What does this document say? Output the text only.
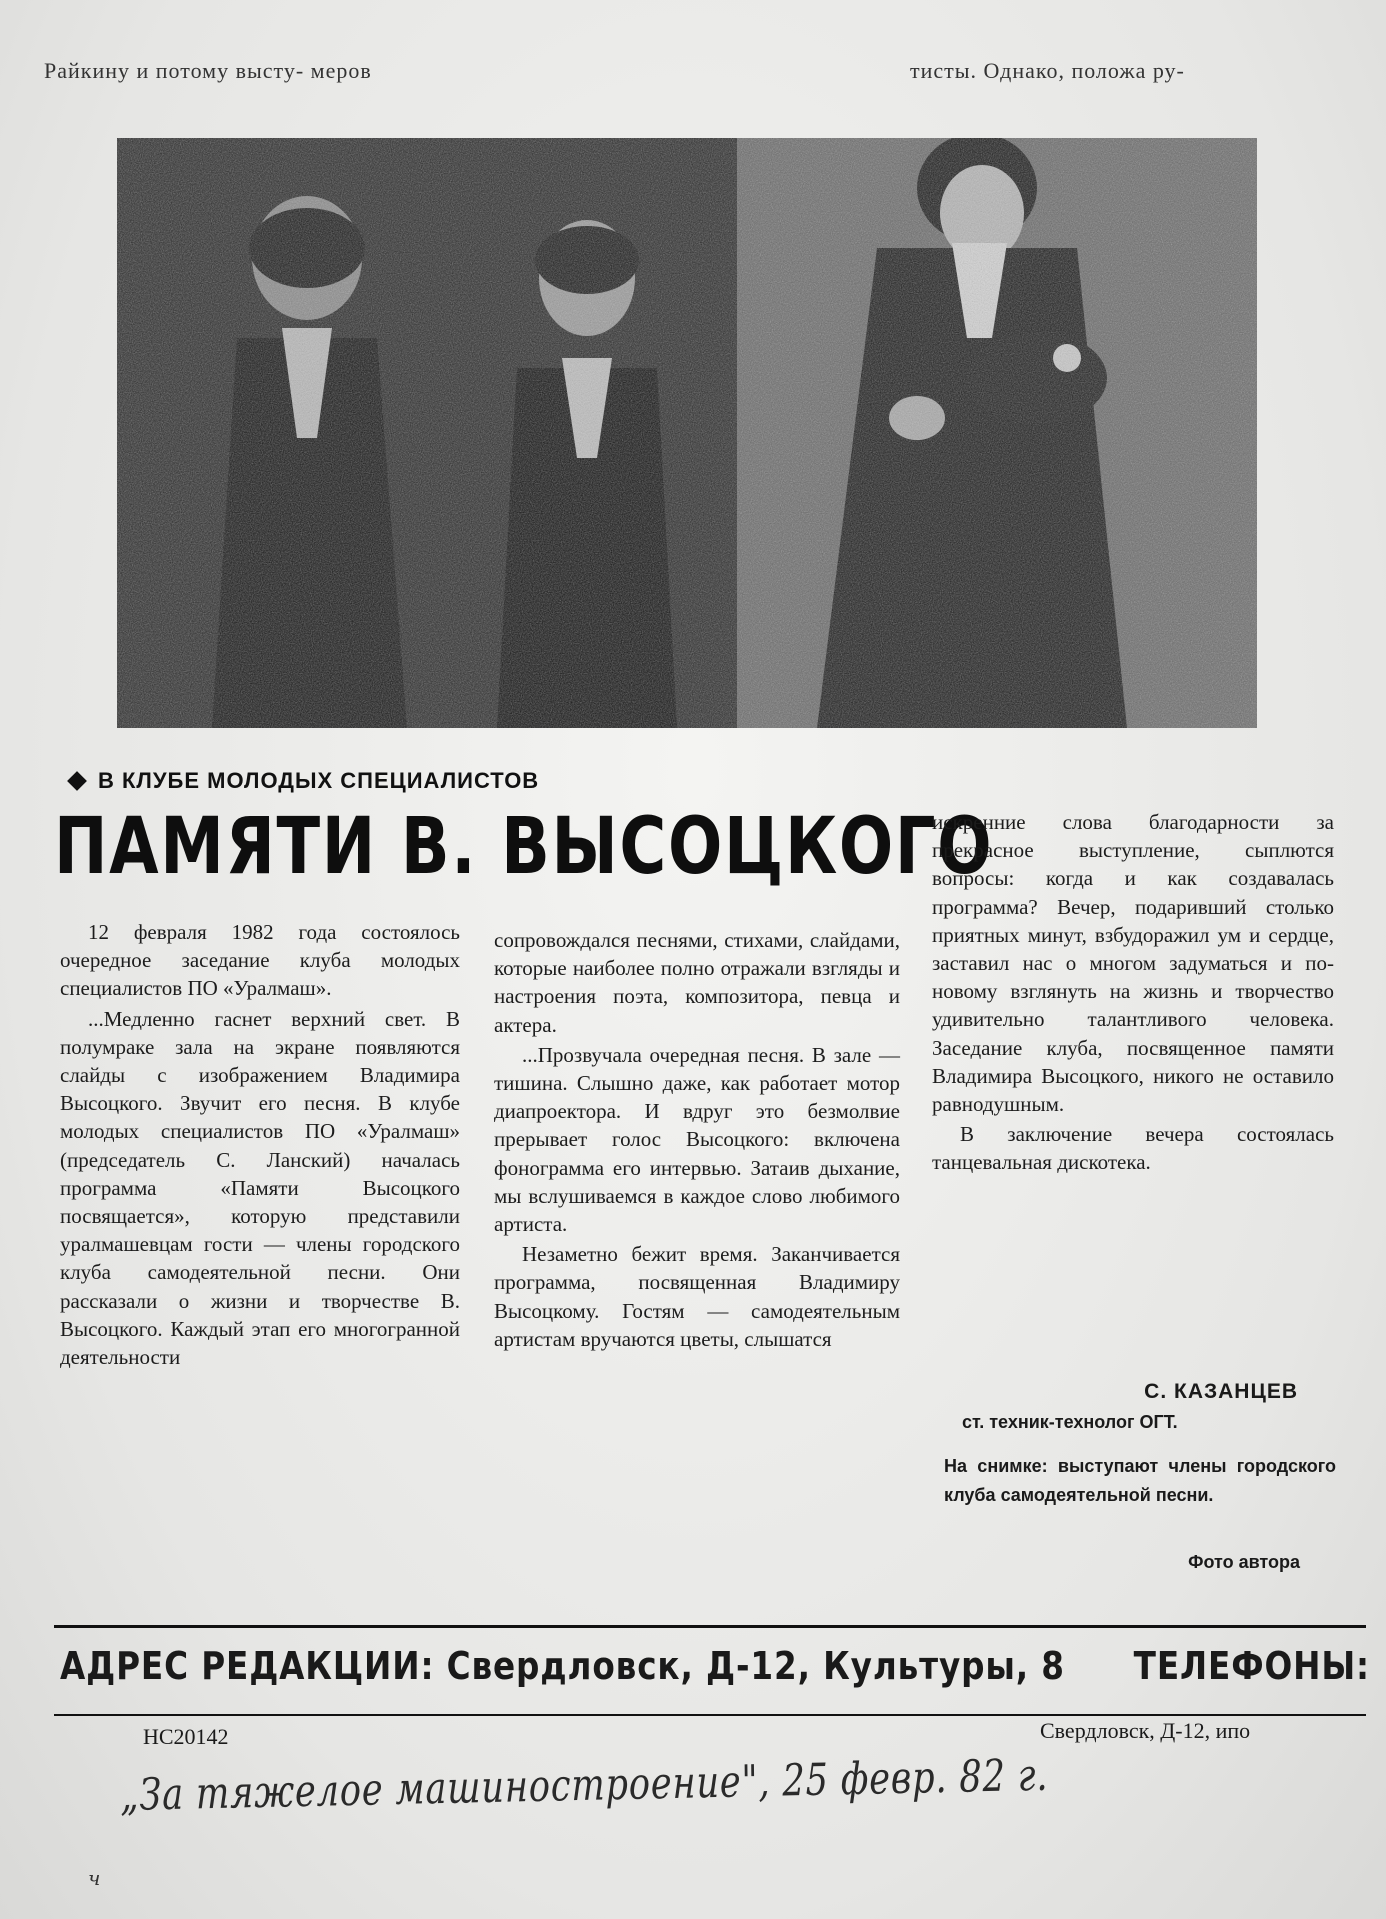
Райкину и потому высту- меров	тисты. Однако, положа ру-
В КЛУБЕ МОЛОДЫХ СПЕЦИАЛИСТОВ
ПАМЯТИ В. ВЫСОЦКОГО

12 февраля 1982 года состоялось очередное заседание клуба молодых специалистов ПО «Уралмаш».

...Медленно гаснет верхний свет. В полумраке зала на экране появляются слайды с изображением Владимира Высоцкого. Звучит его песня. В клубе молодых специалистов ПО «Уралмаш» (председатель С. Ланский) началась программа «Памяти Высоцкого посвящается», которую представили уралмашевцам гости — члены городского клуба самодеятельной песни. Они рассказали о жизни и творчестве В. Высоцкого. Каждый этап его многогранной деятельности

сопровождался песнями, стихами, слайдами, которые наиболее полно отражали взгляды и настроения поэта, композитора, певца и актера.

...Прозвучала очередная песня. В зале — тишина. Слышно даже, как работает мотор диапроектора. И вдруг это безмолвие прерывает голос Высоцкого: включена фонограмма его интервью. Затаив дыхание, мы вслушиваемся в каждое слово любимого артиста.

Незаметно бежит время. Заканчивается программа, посвященная Владимиру Высоцкому. Гостям — самодеятельным артистам вручаются цветы, слышатся

искренние слова благодарности за прекрасное выступление, сыплются вопросы: когда и как создавалась программа? Вечер, подаривший столько приятных минут, взбудоражил ум и сердце, заставил нас о многом задуматься и по-новому взглянуть на жизнь и творчество удивительно талантливого человека. Заседание клуба, посвященное памяти Владимира Высоцкого, никого не оставило равнодушным.

В заключение вечера состоялась танцевальная дискотека.

С. КАЗАНЦЕВ
ст. техник-технолог ОГТ.
На снимке: выступают члены городского клуба самодеятельной песни.
Фото автора
АДРЕС РЕДАКЦИИ: Свердловск, Д-12, Культуры, 8 ТЕЛЕФОНЫ:
НС20142	Свердловск, Д-12, ипо
„За тяжелое машиностроение", 25 февр. 82 г.
ч
